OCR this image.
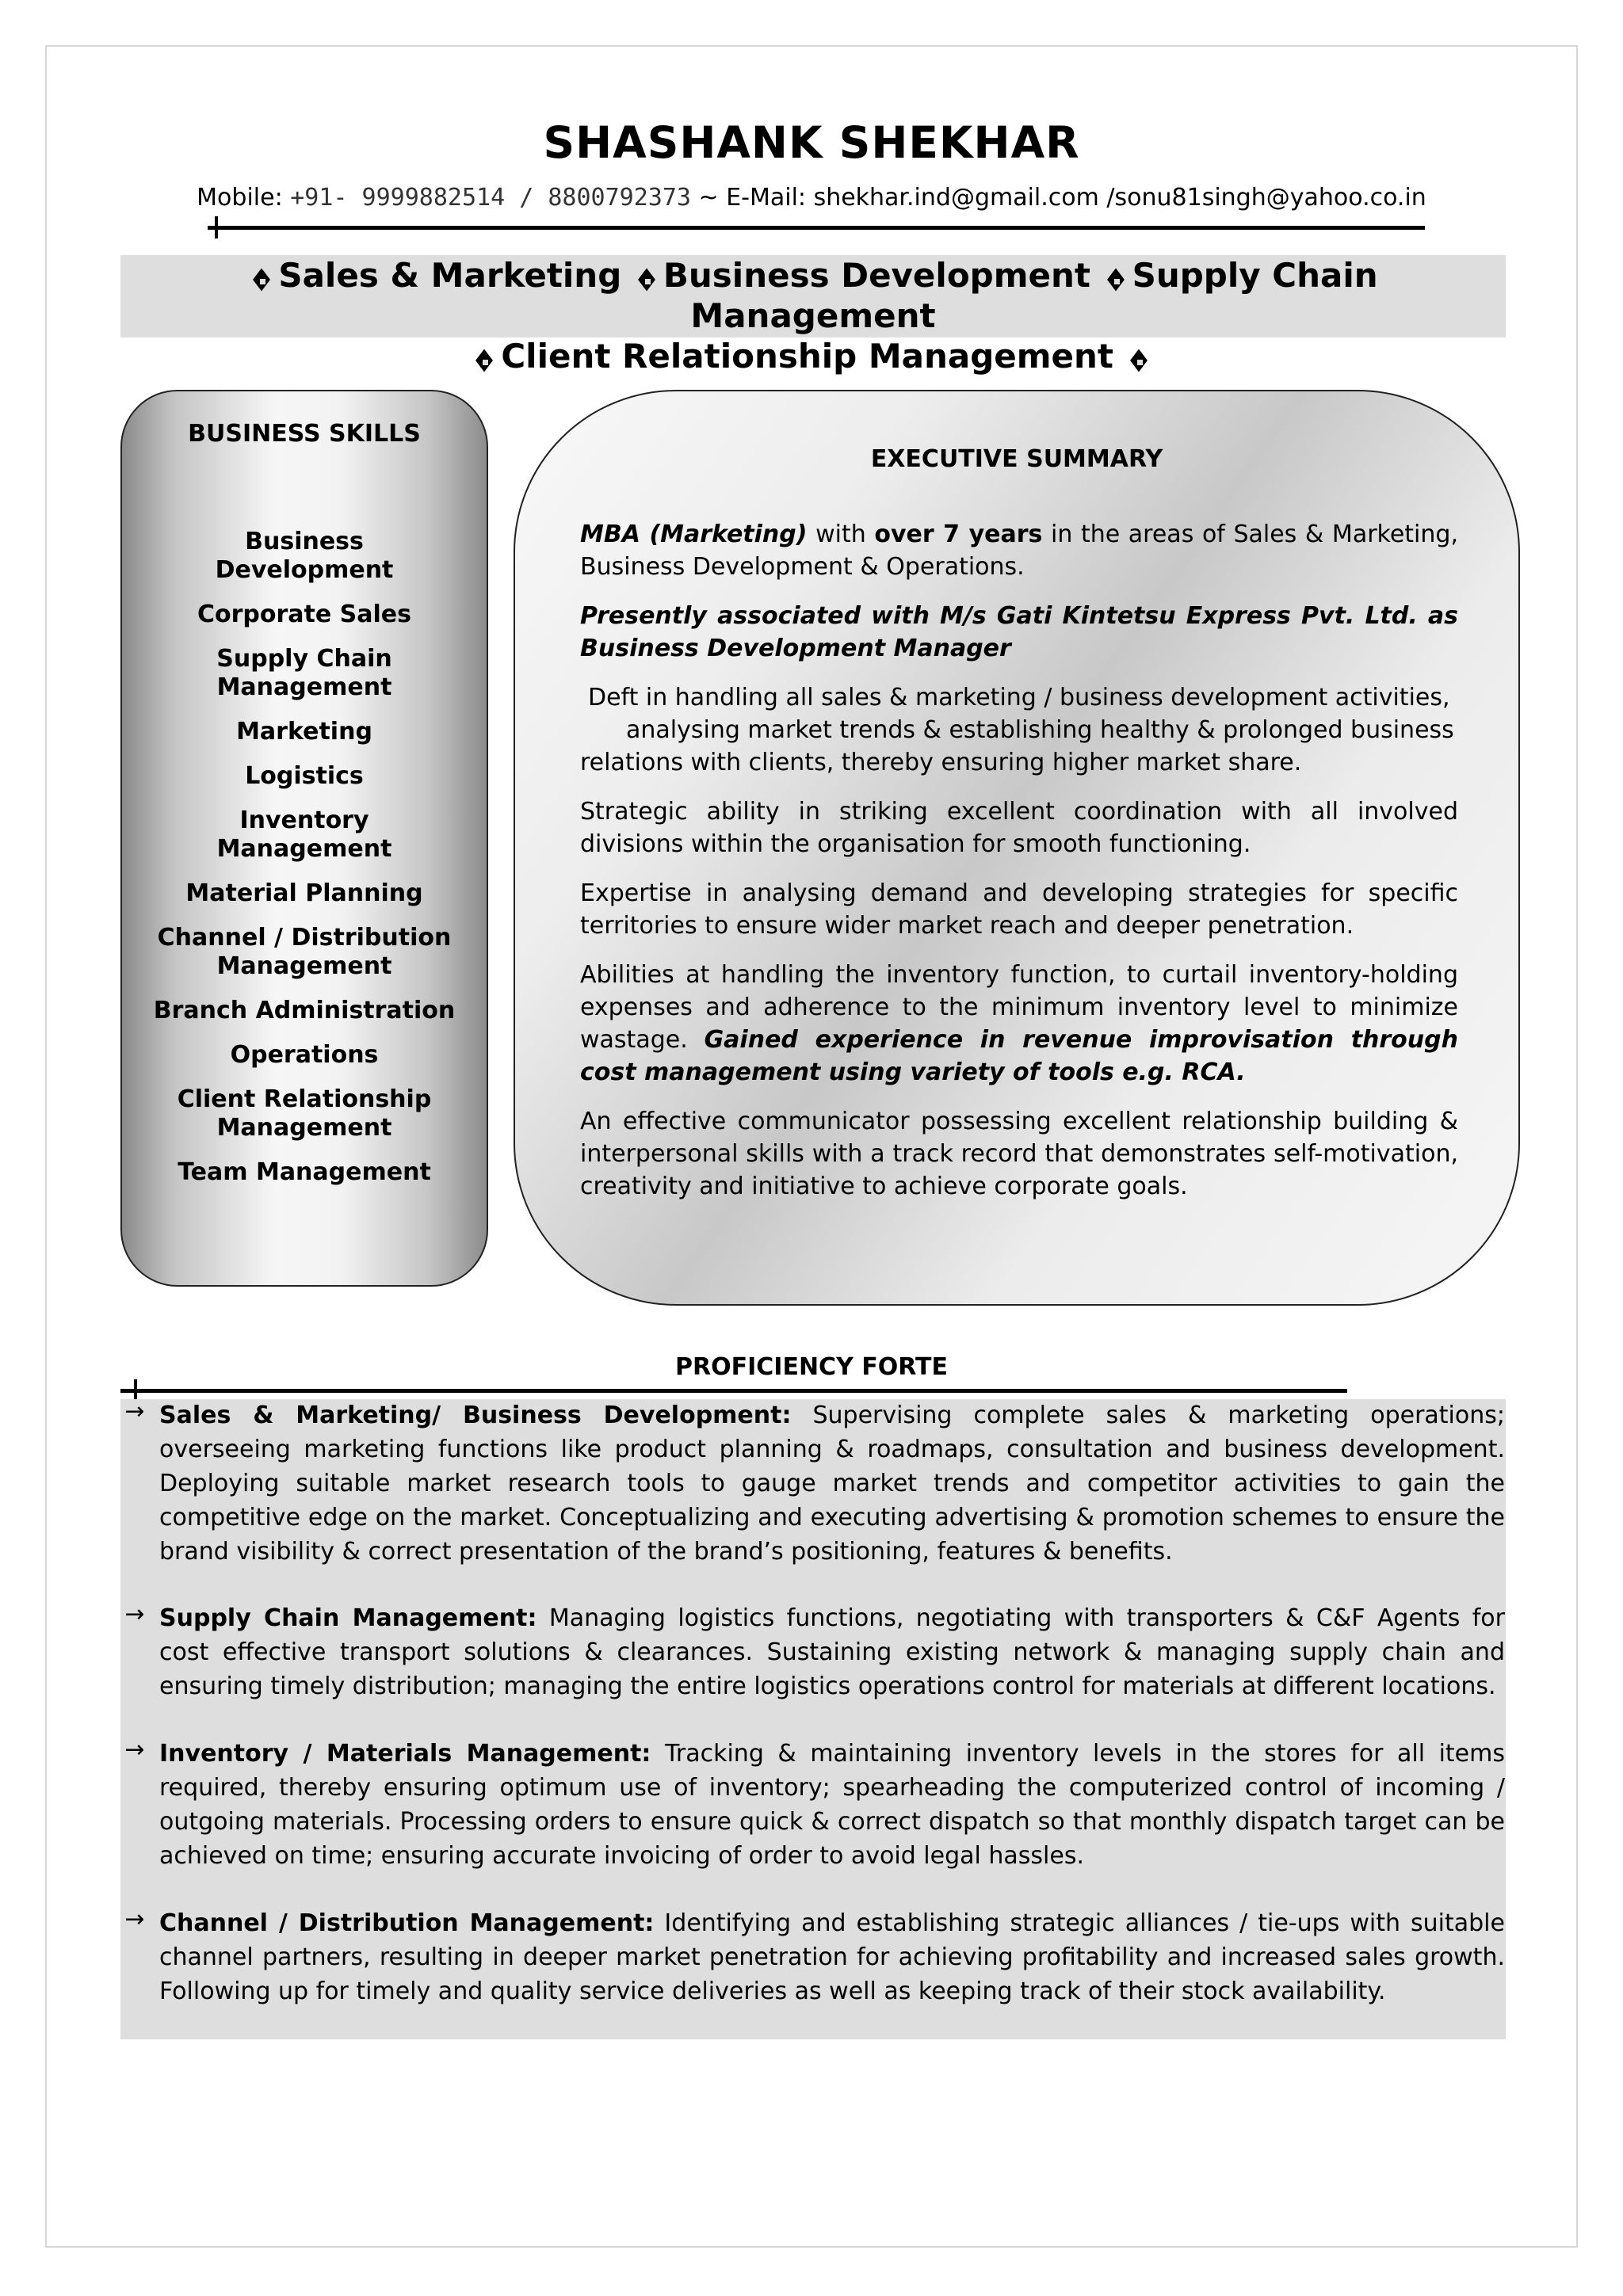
SHASHANK SHEKHAR
Mobile: +91- 9999882514 / 8800792373 ~ E-Mail: shekhar.ind@gmail.com /sonu81singh@yahoo.co.in
Sales & Marketing Business Development Supply Chain Management
Client Relationship Management
BUSINESS SKILLS
Business Development
Corporate Sales
Supply Chain Management
Marketing
Logistics
Inventory Management
Material Planning
Channel / Distribution Management
Branch Administration
Operations
Client Relationship Management
Team Management
EXECUTIVE SUMMARY

MBA (Marketing) with over 7 years in the areas of Sales & Marketing, Business Development & Operations.

Presently associated with M/s Gati Kintetsu Express Pvt. Ltd. as Business Development Manager

Deft in handling all sales & marketing / business development activities,
analysing market trends & establishing healthy & prolonged business relations with clients, thereby ensuring higher market share.

Strategic ability in striking excellent coordination with all involved divisions within the organisation for smooth functioning.

Expertise in analysing demand and developing strategies for specific territories to ensure wider market reach and deeper penetration.

Abilities at handling the inventory function, to curtail inventory-holding expenses and adherence to the minimum inventory level to minimize wastage. Gained experience in revenue improvisation through cost management using variety of tools e.g. RCA.

An effective communicator possessing excellent relationship building & interpersonal skills with a track record that demonstrates self-motivation, creativity and initiative to achieve corporate goals.

PROFICIENCY FORTE
→ Sales & Marketing/ Business Development: Supervising complete sales & marketing operations; overseeing marketing functions like product planning & roadmaps, consultation and business development. Deploying suitable market research tools to gauge market trends and competitor activities to gain the competitive edge on the market. Conceptualizing and executing advertising & promotion schemes to ensure the brand visibility & correct presentation of the brand’s positioning, features & benefits.
→ Supply Chain Management: Managing logistics functions, negotiating with transporters & C&F Agents for cost effective transport solutions & clearances. Sustaining existing network & managing supply chain and ensuring timely distribution; managing the entire logistics operations control for materials at different locations.
→ Inventory / Materials Management: Tracking & maintaining inventory levels in the stores for all items required, thereby ensuring optimum use of inventory; spearheading the computerized control of incoming / outgoing materials. Processing orders to ensure quick & correct dispatch so that monthly dispatch target can be achieved on time; ensuring accurate invoicing of order to avoid legal hassles.
→ Channel / Distribution Management: Identifying and establishing strategic alliances / tie-ups with suitable channel partners, resulting in deeper market penetration for achieving profitability and increased sales growth. Following up for timely and quality service deliveries as well as keeping track of their stock availability.
